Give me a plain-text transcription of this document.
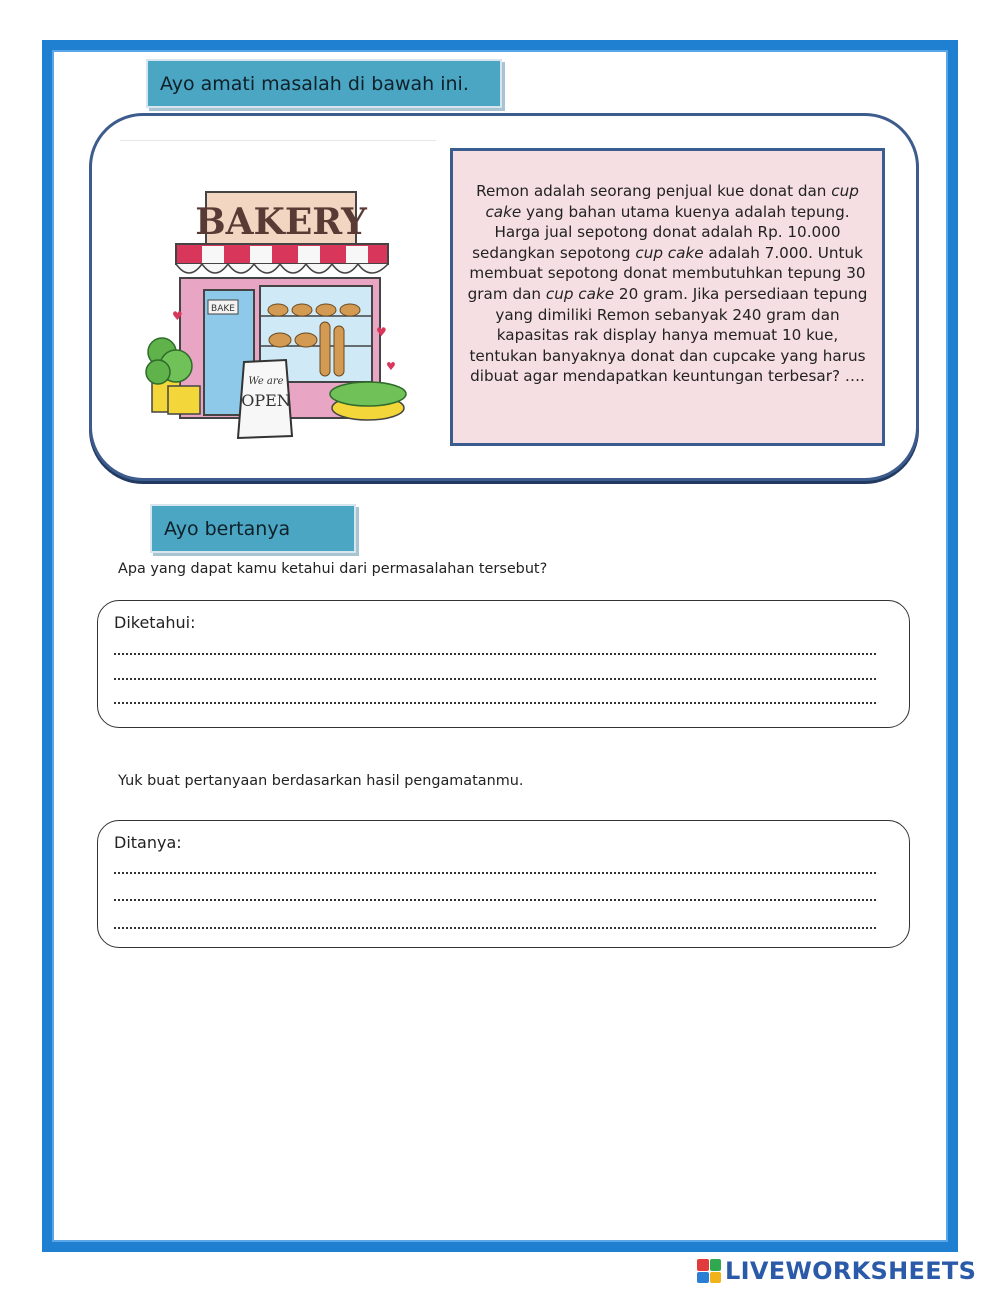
Ayo amati masalah di bawah ini.
BAKERY
BAKE
We are
OPEN
♥
♥
♥
Remon adalah seorang penjual kue donat dan cup cake yang bahan utama kuenya adalah tepung. Harga jual sepotong donat adalah Rp. 10.000 sedangkan sepotong cup cake adalah 7.000. Untuk membuat sepotong donat membutuhkan tepung 30 gram dan cup cake 20 gram. Jika persediaan tepung yang dimiliki Remon sebanyak 240 gram dan kapasitas rak display hanya memuat 10 kue, tentukan banyaknya donat dan cupcake yang harus dibuat agar mendapatkan keuntungan terbesar? ….
Ayo bertanya
Apa yang dapat kamu ketahui dari permasalahan tersebut?
Diketahui:
Yuk buat pertanyaan berdasarkan hasil pengamatanmu.
Ditanya:
LIVEWORKSHEETS
